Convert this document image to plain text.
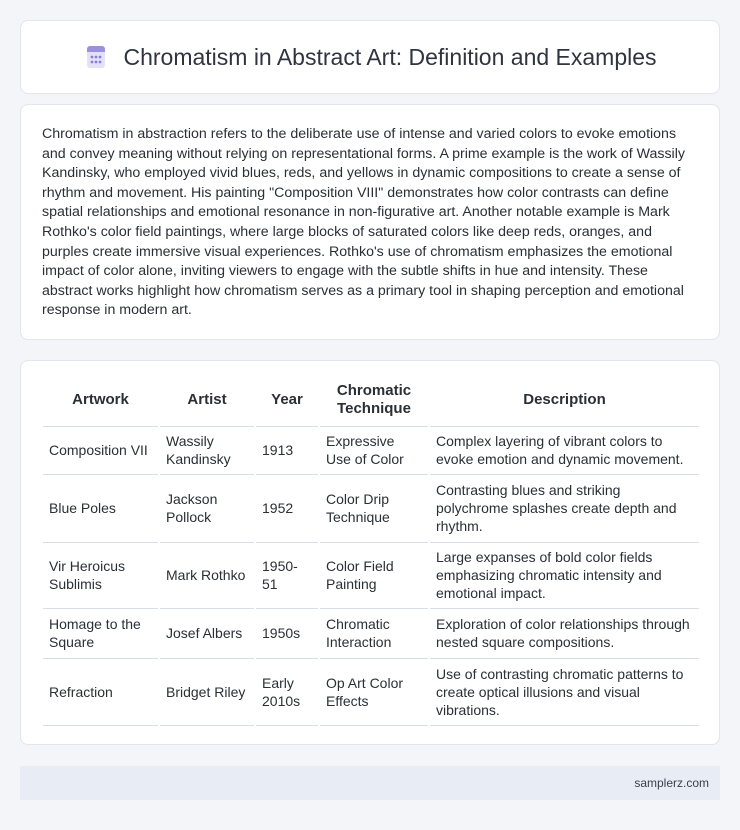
Chromatism in Abstract Art: Definition and Examples

Chromatism in abstraction refers to the deliberate use of intense and varied colors to evoke emotions and convey meaning without relying on representational forms. A prime example is the work of Wassily Kandinsky, who employed vivid blues, reds, and yellows in dynamic compositions to create a sense of rhythm and movement. His painting "Composition VIII" demonstrates how color contrasts can define spatial relationships and emotional resonance in non-figurative art. Another notable example is Mark Rothko's color field paintings, where large blocks of saturated colors like deep reds, oranges, and purples create immersive visual experiences. Rothko's use of chromatism emphasizes the emotional impact of color alone, inviting viewers to engage with the subtle shifts in hue and intensity. These abstract works highlight how chromatism serves as a primary tool in shaping perception and emotional response in modern art.

Artwork	Artist	Year	Chromatic Technique	Description
Composition VII	Wassily Kandinsky	1913	Expressive Use of Color	Complex layering of vibrant colors to evoke emotion and dynamic movement.
Blue Poles	Jackson Pollock	1952	Color Drip Technique	Contrasting blues and striking polychrome splashes create depth and rhythm.
Vir Heroicus Sublimis	Mark Rothko	1950-51	Color Field Painting	Large expanses of bold color fields emphasizing chromatic intensity and emotional impact.
Homage to the Square	Josef Albers	1950s	Chromatic Interaction	Exploration of color relationships through nested square compositions.
Refraction	Bridget Riley	Early 2010s	Op Art Color Effects	Use of contrasting chromatic patterns to create optical illusions and visual vibrations.
samplerz.com
